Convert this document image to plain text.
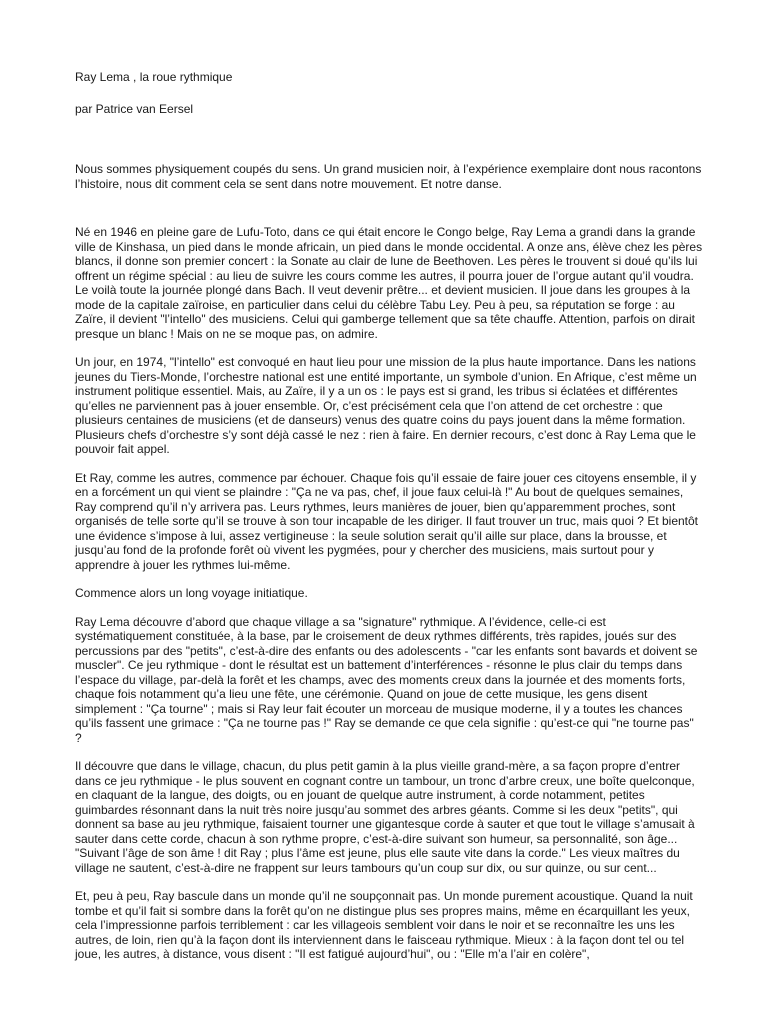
Ray Lema , la roue rythmique

par Patrice van Eersel

Nous sommes physiquement coupés du sens. Un grand musicien noir, à l’expérience exemplaire dont nous racontons l’histoire, nous dit comment cela se sent dans notre mouvement. Et notre danse.

Né en 1946 en pleine gare de Lufu-Toto, dans ce qui était encore le Congo belge, Ray Lema a grandi dans la grande ville de Kinshasa, un pied dans le monde africain, un pied dans le monde occidental. A onze ans, élève chez les pères blancs, il donne son premier concert : la Sonate au clair de lune de Beethoven. Les pères le trouvent si doué qu’ils lui offrent un régime spécial : au lieu de suivre les cours comme les autres, il pourra jouer de l’orgue autant qu’il voudra. Le voilà toute la journée plongé dans Bach. Il veut devenir prêtre... et devient musicien. Il joue dans les groupes à la mode de la capitale zaïroise, en particulier dans celui du célèbre Tabu Ley. Peu à peu, sa réputation se forge : au Zaïre, il devient "l’intello" des musiciens. Celui qui gamberge tellement que sa tête chauffe. Attention, parfois on dirait presque un blanc ! Mais on ne se moque pas, on admire.

Un jour, en 1974, "l’intello" est convoqué en haut lieu pour une mission de la plus haute importance. Dans les nations jeunes du Tiers-Monde, l’orchestre national est une entité importante, un symbole d’union. En Afrique, c’est même un instrument politique essentiel. Mais, au Zaïre, il y a un os : le pays est si grand, les tribus si éclatées et différentes qu’elles ne parviennent pas à jouer ensemble. Or, c’est précisément cela que l’on attend de cet orchestre : que plusieurs centaines de musiciens (et de danseurs) venus des quatre coins du pays jouent dans la même formation. Plusieurs chefs d’orchestre s’y sont déjà cassé le nez : rien à faire. En dernier recours, c’est donc à Ray Lema que le pouvoir fait appel.

Et Ray, comme les autres, commence par échouer. Chaque fois qu’il essaie de faire jouer ces citoyens ensemble, il y en a forcément un qui vient se plaindre : "Ça ne va pas, chef, il joue faux celui-là !" Au bout de quelques semaines, Ray comprend qu’il n’y arrivera pas. Leurs rythmes, leurs manières de jouer, bien qu’apparemment proches, sont organisés de telle sorte qu’il se trouve à son tour incapable de les diriger. Il faut trouver un truc, mais quoi ? Et bientôt une évidence s’impose à lui, assez vertigineuse : la seule solution serait qu’il aille sur place, dans la brousse, et jusqu’au fond de la profonde forêt où vivent les pygmées, pour y chercher des musiciens, mais surtout pour y apprendre à jouer les rythmes lui-même.

Commence alors un long voyage initiatique.

Ray Lema découvre d’abord que chaque village a sa "signature" rythmique. A l’évidence, celle-ci est systématiquement constituée, à la base, par le croisement de deux rythmes différents, très rapides, joués sur des percussions par des "petits", c’est-à-dire des enfants ou des adolescents - "car les enfants sont bavards et doivent se muscler". Ce jeu rythmique - dont le résultat est un battement d’interférences - résonne le plus clair du temps dans l’espace du village, par-delà la forêt et les champs, avec des moments creux dans la journée et des moments forts, chaque fois notamment qu’a lieu une fête, une cérémonie. Quand on joue de cette musique, les gens disent simplement : "Ça tourne" ; mais si Ray leur fait écouter un morceau de musique moderne, il y a toutes les chances qu’ils fassent une grimace : "Ça ne tourne pas !" Ray se demande ce que cela signifie : qu’est-ce qui "ne tourne pas" ?

Il découvre que dans le village, chacun, du plus petit gamin à la plus vieille grand-mère, a sa façon propre d’entrer dans ce jeu rythmique - le plus souvent en cognant contre un tambour, un tronc d’arbre creux, une boîte quelconque, en claquant de la langue, des doigts, ou en jouant de quelque autre instrument, à corde notamment, petites guimbardes résonnant dans la nuit très noire jusqu’au sommet des arbres géants. Comme si les deux "petits", qui donnent sa base au jeu rythmique, faisaient tourner une gigantesque corde à sauter et que tout le village s’amusait à sauter dans cette corde, chacun à son rythme propre, c’est-à-dire suivant son humeur, sa personnalité, son âge... "Suivant l’âge de son âme ! dit Ray ; plus l’âme est jeune, plus elle saute vite dans la corde." Les vieux maîtres du village ne sautent, c’est-à-dire ne frappent sur leurs tambours qu’un coup sur dix, ou sur quinze, ou sur cent...

Et, peu à peu, Ray bascule dans un monde qu’il ne soupçonnait pas. Un monde purement acoustique. Quand la nuit tombe et qu’il fait si sombre dans la forêt qu’on ne distingue plus ses propres mains, même en écarquillant les yeux, cela l’impressionne parfois terriblement : car les villageois semblent voir dans le noir et se reconnaître les uns les autres, de loin, rien qu’à la façon dont ils interviennent dans le faisceau rythmique. Mieux : à la façon dont tel ou tel joue, les autres, à distance, vous disent : "Il est fatigué aujourd’hui", ou : "Elle m’a l’air en colère",
